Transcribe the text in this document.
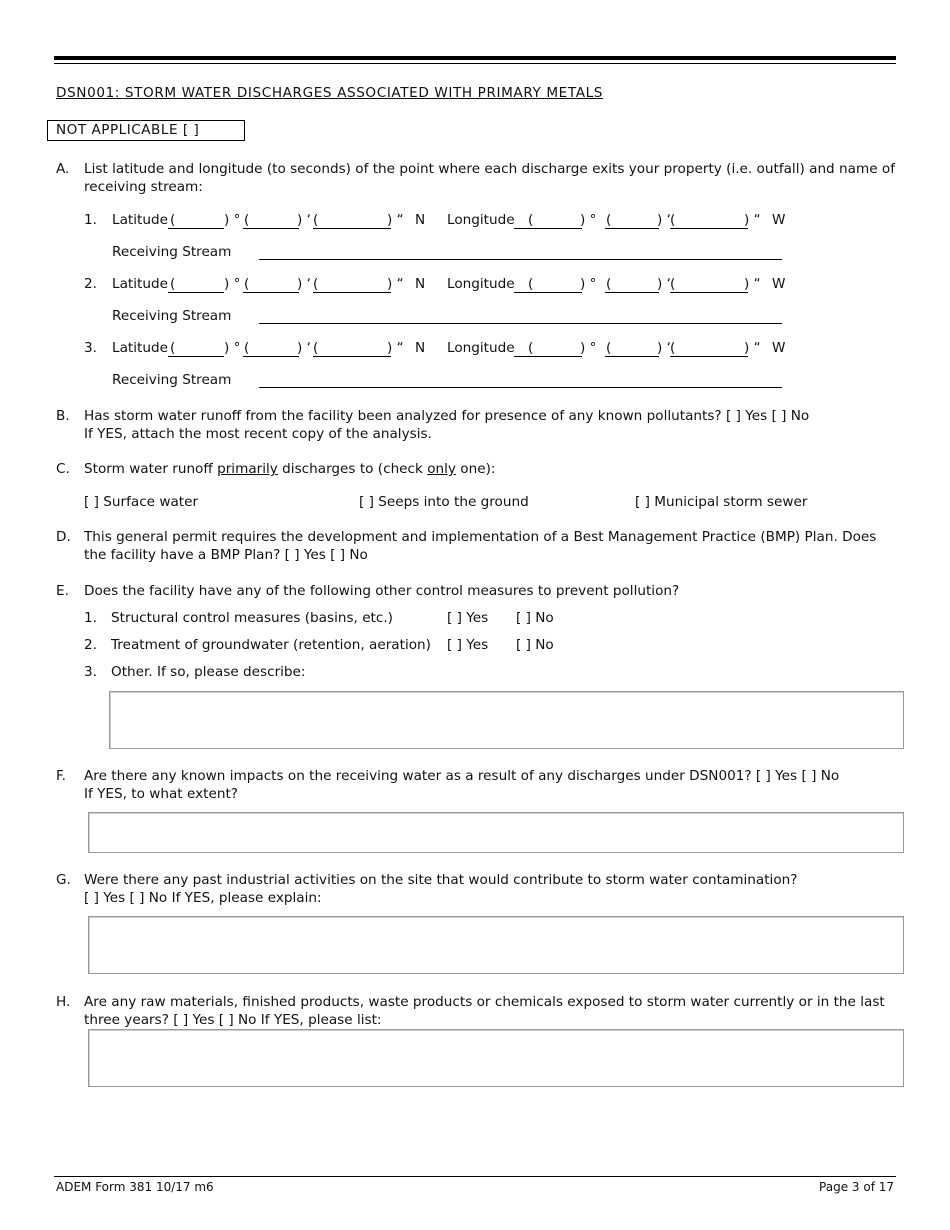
DSN001: STORM WATER DISCHARGES ASSOCIATED WITH PRIMARY METALS
NOT APPLICABLE [ ]
A. List latitude and longitude (to seconds) of the point where each discharge exits your property (i.e. outfall) and name of receiving stream:
1. Latitude (	) ° (	) ‘ (	) “ N Longitude (	) ° (	) ‘ (	) “ W
Receiving Stream
2. Latitude (	) ° (	) ‘ (	) “ N Longitude (	) ° (	) ‘ (	) “ W
Receiving Stream
3. Latitude (	) ° (	) ‘ (	) “ N Longitude (	) ° (	) ‘ (	) “ W
Receiving Stream
B. Has storm water runoff from the facility been analyzed for presence of any known pollutants? [ ] Yes [ ] No
If YES, attach the most recent copy of the analysis.
C. Storm water runoff primarily discharges to (check only one):
[ ] Surface water	[ ] Seeps into the ground	[ ] Municipal storm sewer
D. This general permit requires the development and implementation of a Best Management Practice (BMP) Plan. Does the facility have a BMP Plan? [ ] Yes [ ] No
E. Does the facility have any of the following other control measures to prevent pollution?
1. Structural control measures (basins, etc.)	[ ] Yes [ ] No
2. Treatment of groundwater (retention, aeration) [ ] Yes [ ] No
3. Other. If so, please describe:
F. Are there any known impacts on the receiving water as a result of any discharges under DSN001? [ ] Yes [ ] No
If YES, to what extent?
G. Were there any past industrial activities on the site that would contribute to storm water contamination?
[ ] Yes [ ] No If YES, please explain:
H. Are any raw materials, finished products, waste products or chemicals exposed to storm water currently or in the last
three years? [ ] Yes [ ] No If YES, please list:
ADEM Form 381 10/17 m6	Page 3 of 17
